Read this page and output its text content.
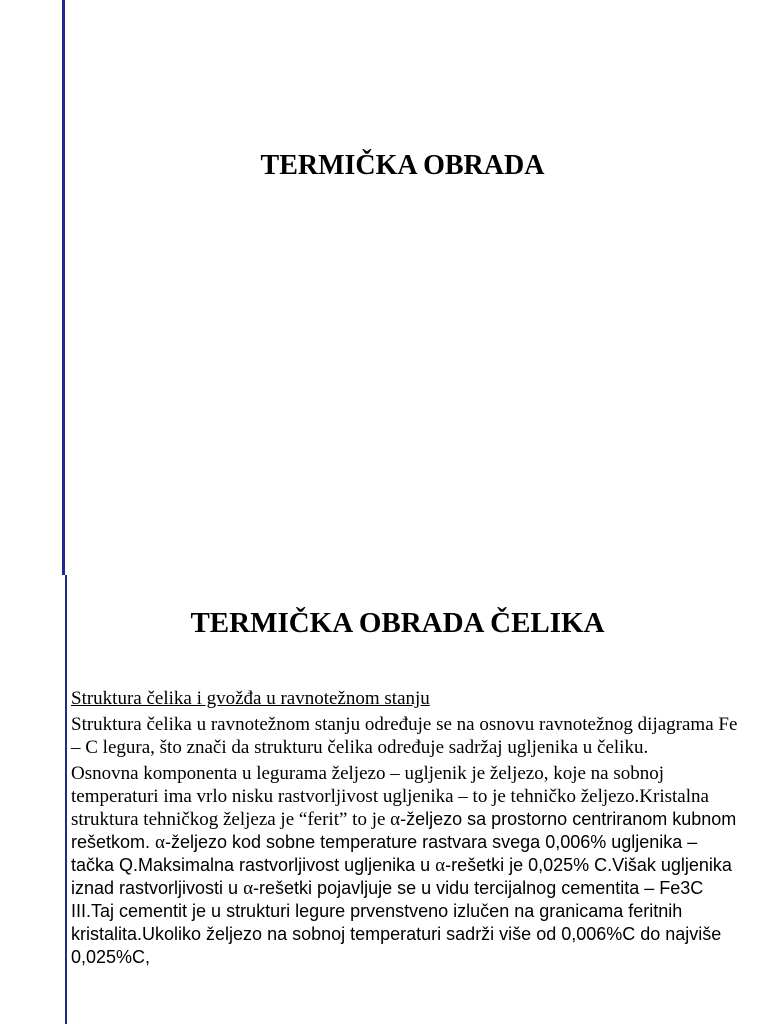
TERMIČKA OBRADA
TERMIČKA OBRADA ČELIKA

Struktura čelika i gvožđa u ravnotežnom stanju

Struktura čelika u ravnotežnom stanju određuje se na osnovu ravnotežnog dijagrama Fe – C legura, što znači da strukturu čelika određuje sadržaj ugljenika u čeliku.

Osnovna komponenta u legurama željezo – ugljenik je željezo, koje na sobnoj temperaturi ima vrlo nisku rastvorljivost ugljenika – to je tehničko željezo.Kristalna struktura tehničkog željeza je “ferit” to je α-željezo sa prostorno centriranom kubnom rešetkom. α-željezo kod sobne temperature rastvara svega 0,006% ugljenika – tačka Q.Maksimalna rastvorljivost ugljenika u α-rešetki je 0,025% C.Višak ugljenika iznad rastvorljivosti u α-rešetki pojavljuje se u vidu tercijalnog cementita – Fe3C III.Taj cementit je u strukturi legure prvenstveno izlučen na granicama feritnih kristalita.Ukoliko željezo na sobnoj temperaturi sadrži više od 0,006%C do najviše 0,025%C,
